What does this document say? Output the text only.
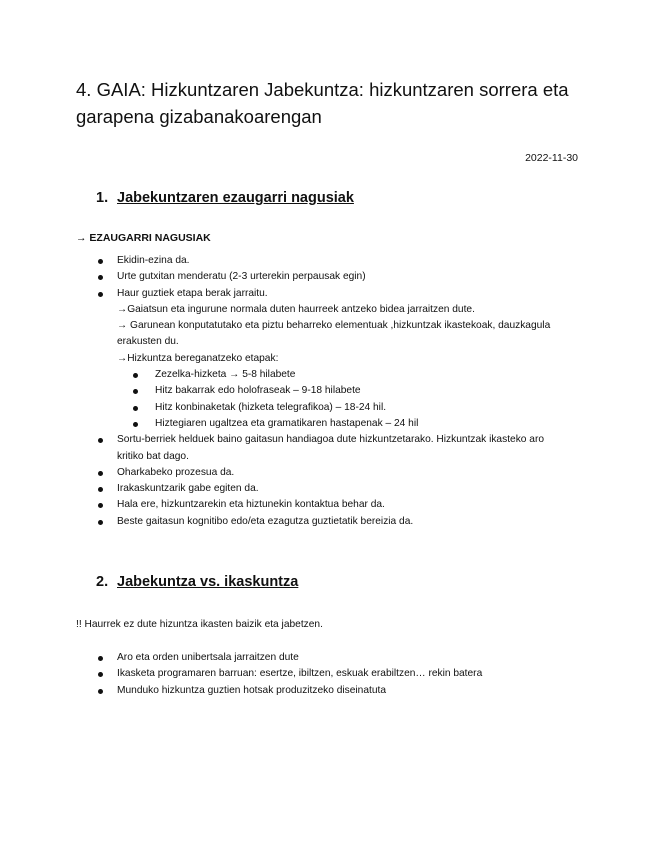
4. GAIA: Hizkuntzaren Jabekuntza: hizkuntzaren sorrera eta
garapena gizabanakoarengan
2022-11-30
1. Jabekuntzaren ezaugarri nagusiak
→ EZAUGARRI NAGUSIAK
Ekidin-ezina da.
Urte gutxitan menderatu (2-3 urterekin perpausak egin)
Haur guztiek etapa berak jarraitu.
→Gaiatsun eta ingurune normala duten haurreek antzeko bidea jarraitzen dute.
→ Garunean konputatutako eta piztu beharreko elementuak ,hizkuntzak ikastekoak, dauzkagula erakusten du.
→Hizkuntza bereganatzeko etapak:
Zezelka-hizketa → 5-8 hilabete
Hitz bakarrak edo holofraseak – 9-18 hilabete
Hitz konbinaketak (hizketa telegrafikoa) – 18-24 hil.
Hiztegiaren ugaltzea eta gramatikaren hastapenak – 24 hil
Sortu-berriek helduek baino gaitasun handiagoa dute hizkuntzetarako. Hizkuntzak ikasteko aro kritiko bat dago.
Oharkabeko prozesua da.
Irakaskuntzarik gabe egiten da.
Hala ere, hizkuntzarekin eta hiztunekin kontaktua behar da.
Beste gaitasun kognitibo edo/eta ezagutza guztietatik bereizia da.
2. Jabekuntza vs. ikaskuntza
!! Haurrek ez dute hizuntza ikasten baizik eta jabetzen.
Aro eta orden unibertsala jarraitzen dute
Ikasketa programaren barruan: esertze, ibiltzen, eskuak erabiltzen… rekin batera
Munduko hizkuntza guztien hotsak produzitzeko diseinatuta
